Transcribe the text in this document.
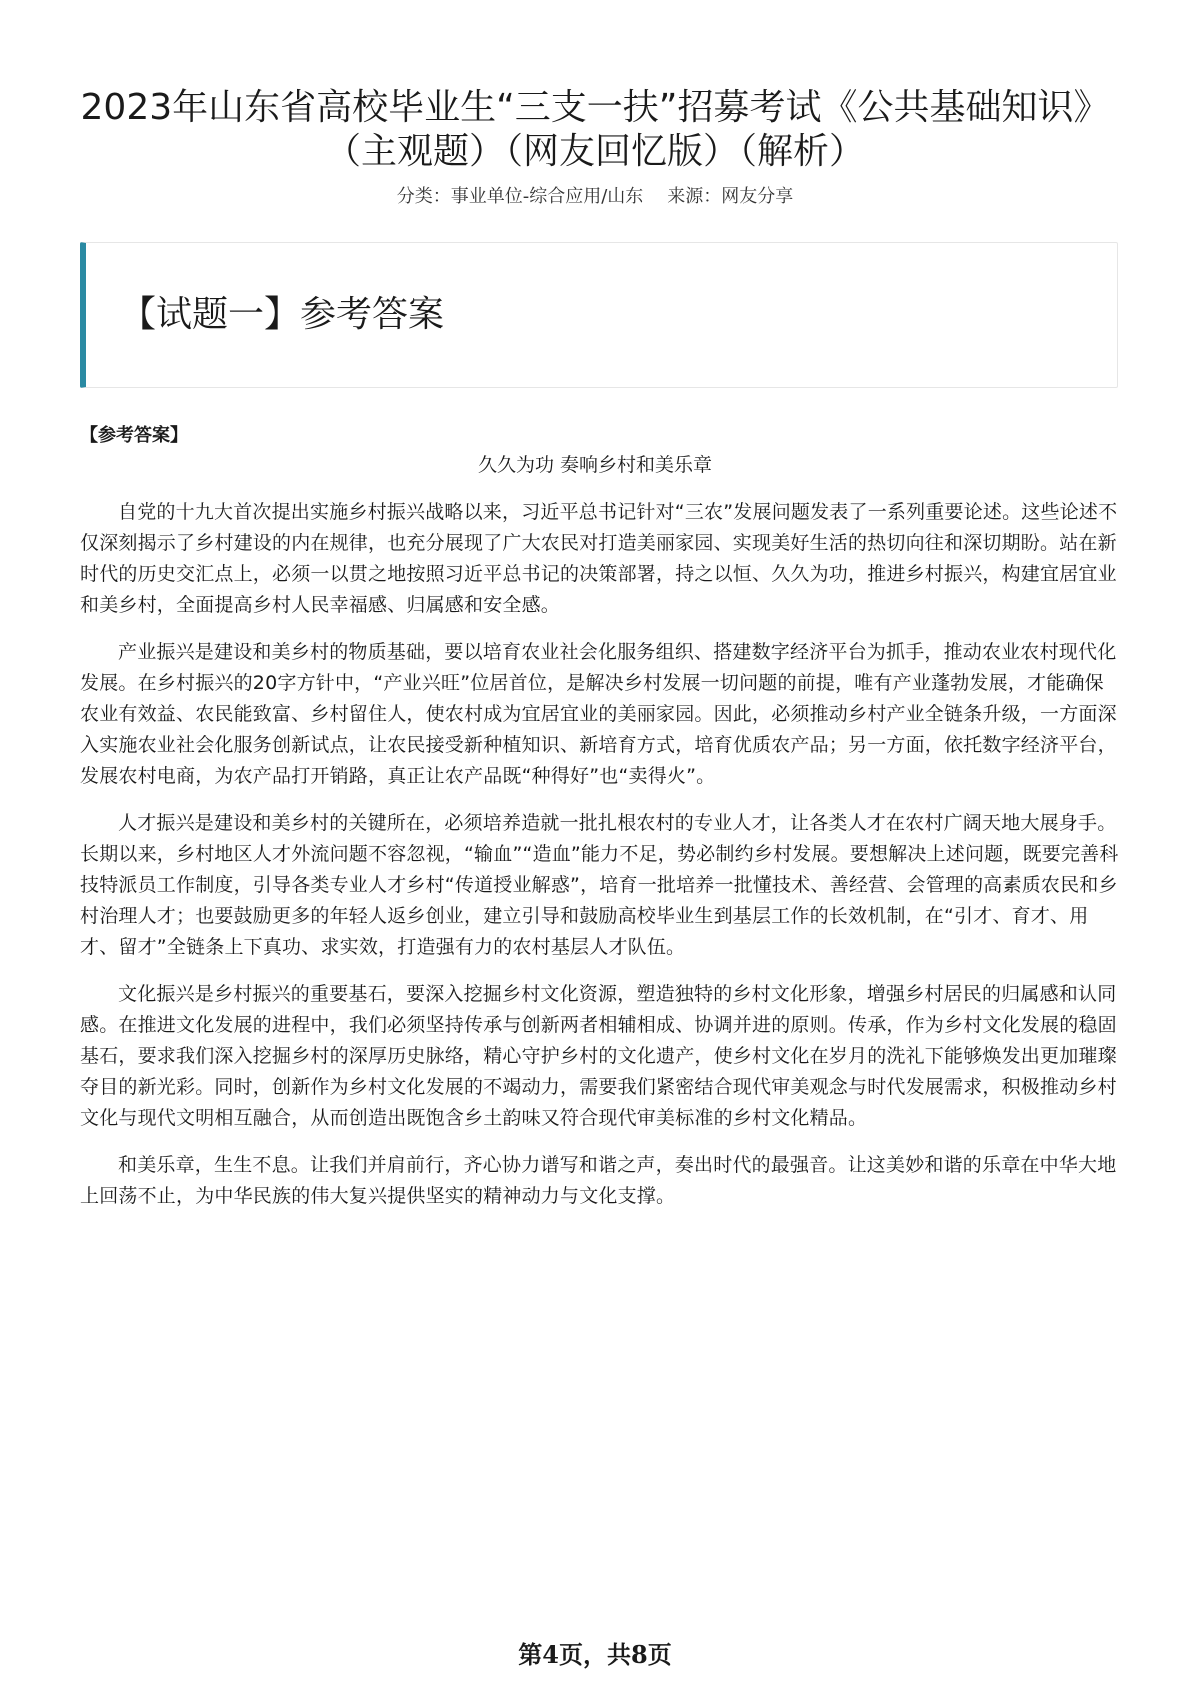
2023年山东省高校毕业生“三支一扶”招募考试《公共基础知识》（主观题）（网友回忆版）（解析）
分类：事业单位-综合应用/山东 来源：网友分享
【试题一】参考答案
【参考答案】
久久为功 奏响乡村和美乐章

自党的十九大首次提出实施乡村振兴战略以来，习近平总书记针对“三农”发展问题发表了一系列重要论述。这些论述不仅深刻揭示了乡村建设的内在规律，也充分展现了广大农民对打造美丽家园、实现美好生活的热切向往和深切期盼。站在新时代的历史交汇点上，必须一以贯之地按照习近平总书记的决策部署，持之以恒、久久为功，推进乡村振兴，构建宜居宜业和美乡村，全面提高乡村人民幸福感、归属感和安全感。

产业振兴是建设和美乡村的物质基础，要以培育农业社会化服务组织、搭建数字经济平台为抓手，推动农业农村现代化发展。在乡村振兴的20字方针中，“产业兴旺”位居首位，是解决乡村发展一切问题的前提，唯有产业蓬勃发展，才能确保农业有效益、农民能致富、乡村留住人，使农村成为宜居宜业的美丽家园。因此，必须推动乡村产业全链条升级，一方面深入实施农业社会化服务创新试点，让农民接受新种植知识、新培育方式，培育优质农产品；另一方面，依托数字经济平台，发展农村电商，为农产品打开销路，真正让农产品既“种得好”也“卖得火”。

人才振兴是建设和美乡村的关键所在，必须培养造就一批扎根农村的专业人才，让各类人才在农村广阔天地大展身手。长期以来，乡村地区人才外流问题不容忽视，“输血”“造血”能力不足，势必制约乡村发展。要想解决上述问题，既要完善科技特派员工作制度，引导各类专业人才乡村“传道授业解惑”，培育一批培养一批懂技术、善经营、会管理的高素质农民和乡村治理人才；也要鼓励更多的年轻人返乡创业，建立引导和鼓励高校毕业生到基层工作的长效机制，在“引才、育才、用才、留才”全链条上下真功、求实效，打造强有力的农村基层人才队伍。

文化振兴是乡村振兴的重要基石，要深入挖掘乡村文化资源，塑造独特的乡村文化形象，增强乡村居民的归属感和认同感。在推进文化发展的进程中，我们必须坚持传承与创新两者相辅相成、协调并进的原则。传承，作为乡村文化发展的稳固基石，要求我们深入挖掘乡村的深厚历史脉络，精心守护乡村的文化遗产，使乡村文化在岁月的洗礼下能够焕发出更加璀璨夺目的新光彩。同时，创新作为乡村文化发展的不竭动力，需要我们紧密结合现代审美观念与时代发展需求，积极推动乡村文化与现代文明相互融合，从而创造出既饱含乡土韵味又符合现代审美标准的乡村文化精品。

和美乐章，生生不息。让我们并肩前行，齐心协力谱写和谐之声，奏出时代的最强音。让这美妙和谐的乐章在中华大地上回荡不止，为中华民族的伟大复兴提供坚实的精神动力与文化支撑。

第4页，共8页
